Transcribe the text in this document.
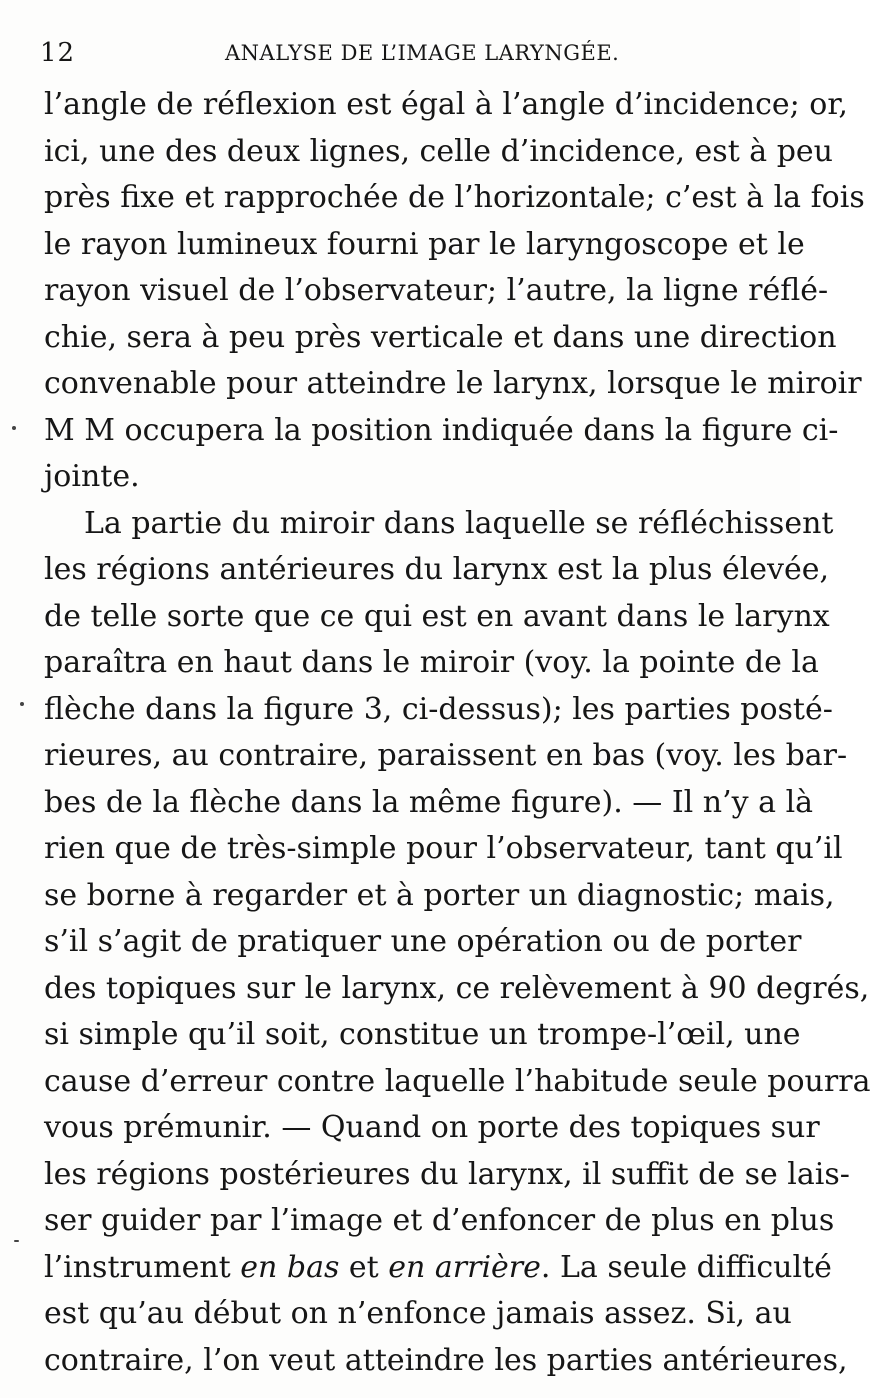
12	ANALYSE DE L’IMAGE LARYNGÉE.
l’angle de réflexion est égal à l’angle d’incidence; or,
ici, une des deux lignes, celle d’incidence, est à peu
près fixe et rapprochée de l’horizontale; c’est à la fois
le rayon lumineux fourni par le laryngoscope et le
rayon visuel de l’observateur; l’autre, la ligne réflé-
chie, sera à peu près verticale et dans une direction
convenable pour atteindre le larynx, lorsque le miroir
M M occupera la position indiquée dans la figure ci-
jointe.
La partie du miroir dans laquelle se réfléchissent
les régions antérieures du larynx est la plus élevée,
de telle sorte que ce qui est en avant dans le larynx
paraîtra en haut dans le miroir (voy. la pointe de la
flèche dans la figure 3, ci-dessus); les parties posté-
rieures, au contraire, paraissent en bas (voy. les bar-
bes de la flèche dans la même figure). — Il n’y a là
rien que de très-simple pour l’observateur, tant qu’il
se borne à regarder et à porter un diagnostic; mais,
s’il s’agit de pratiquer une opération ou de porter
des topiques sur le larynx, ce relèvement à 90 degrés,
si simple qu’il soit, constitue un trompe-l’œil, une
cause d’erreur contre laquelle l’habitude seule pourra
vous prémunir. — Quand on porte des topiques sur
les régions postérieures du larynx, il suffit de se lais-
ser guider par l’image et d’enfoncer de plus en plus
l’instrument en bas et en arrière. La seule difficulté
est qu’au début on n’enfonce jamais assez. Si, au
contraire, l’on veut atteindre les parties antérieures,
